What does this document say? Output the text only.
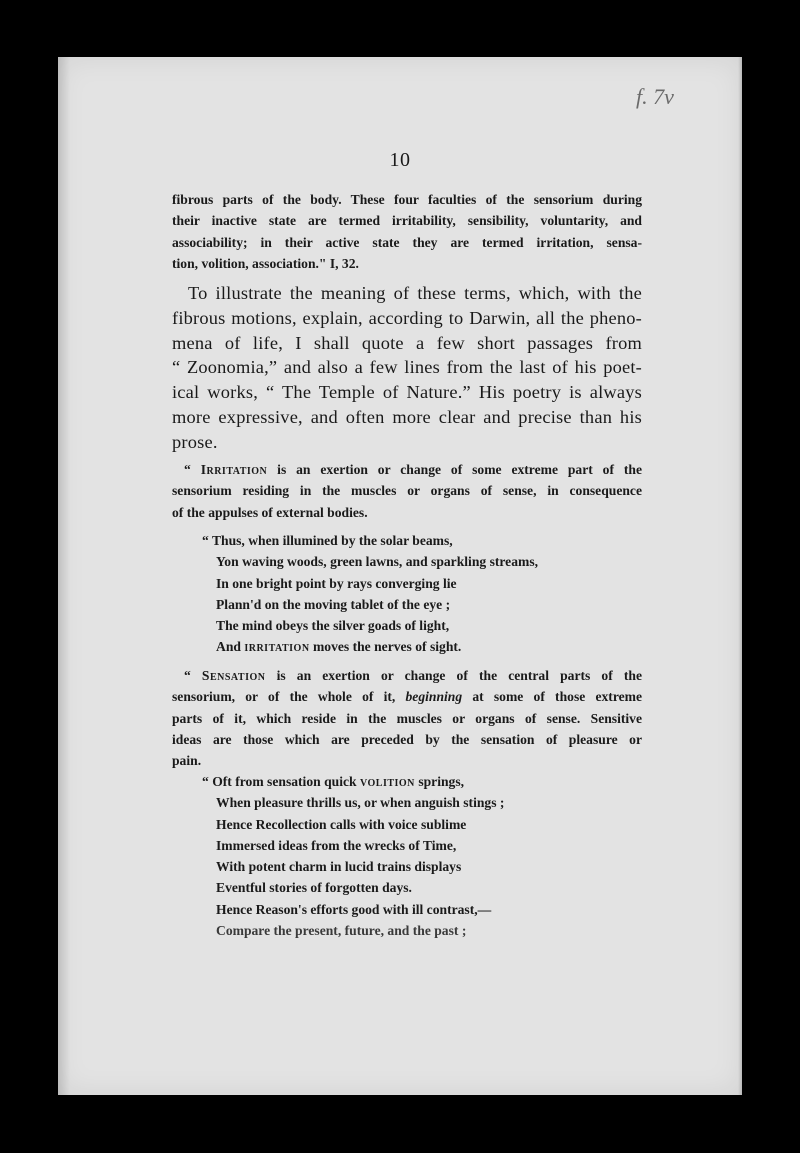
f. 7v
10
fibrous parts of the body. These four faculties of the sensorium during
their inactive state are termed irritability, sensibility, voluntarity, and
associability; in their active state they are termed irritation, sensa-
tion, volition, association." I, 32.
To illustrate the meaning of these terms, which, with the
fibrous motions, explain, according to Darwin, all the pheno-
mena of life, I shall quote a few short passages from
“ Zoonomia,” and also a few lines from the last of his poet-
ical works, “ The Temple of Nature.” His poetry is always
more expressive, and often more clear and precise than his
prose.
“ Irritation is an exertion or change of some extreme part of the
sensorium residing in the muscles or organs of sense, in consequence
of the appulses of external bodies.
“ Thus, when illumined by the solar beams,
Yon waving woods, green lawns, and sparkling streams,
In one bright point by rays converging lie
Plann'd on the moving tablet of the eye ;
The mind obeys the silver goads of light,
And irritation moves the nerves of sight.
“ Sensation is an exertion or change of the central parts of the
sensorium, or of the whole of it, beginning at some of those extreme
parts of it, which reside in the muscles or organs of sense. Sensitive
ideas are those which are preceded by the sensation of pleasure or
pain.
“ Oft from sensation quick volition springs,
When pleasure thrills us, or when anguish stings ;
Hence Recollection calls with voice sublime
Immersed ideas from the wrecks of Time,
With potent charm in lucid trains displays
Eventful stories of forgotten days.
Hence Reason's efforts good with ill contrast,—
Compare the present, future, and the past ;
